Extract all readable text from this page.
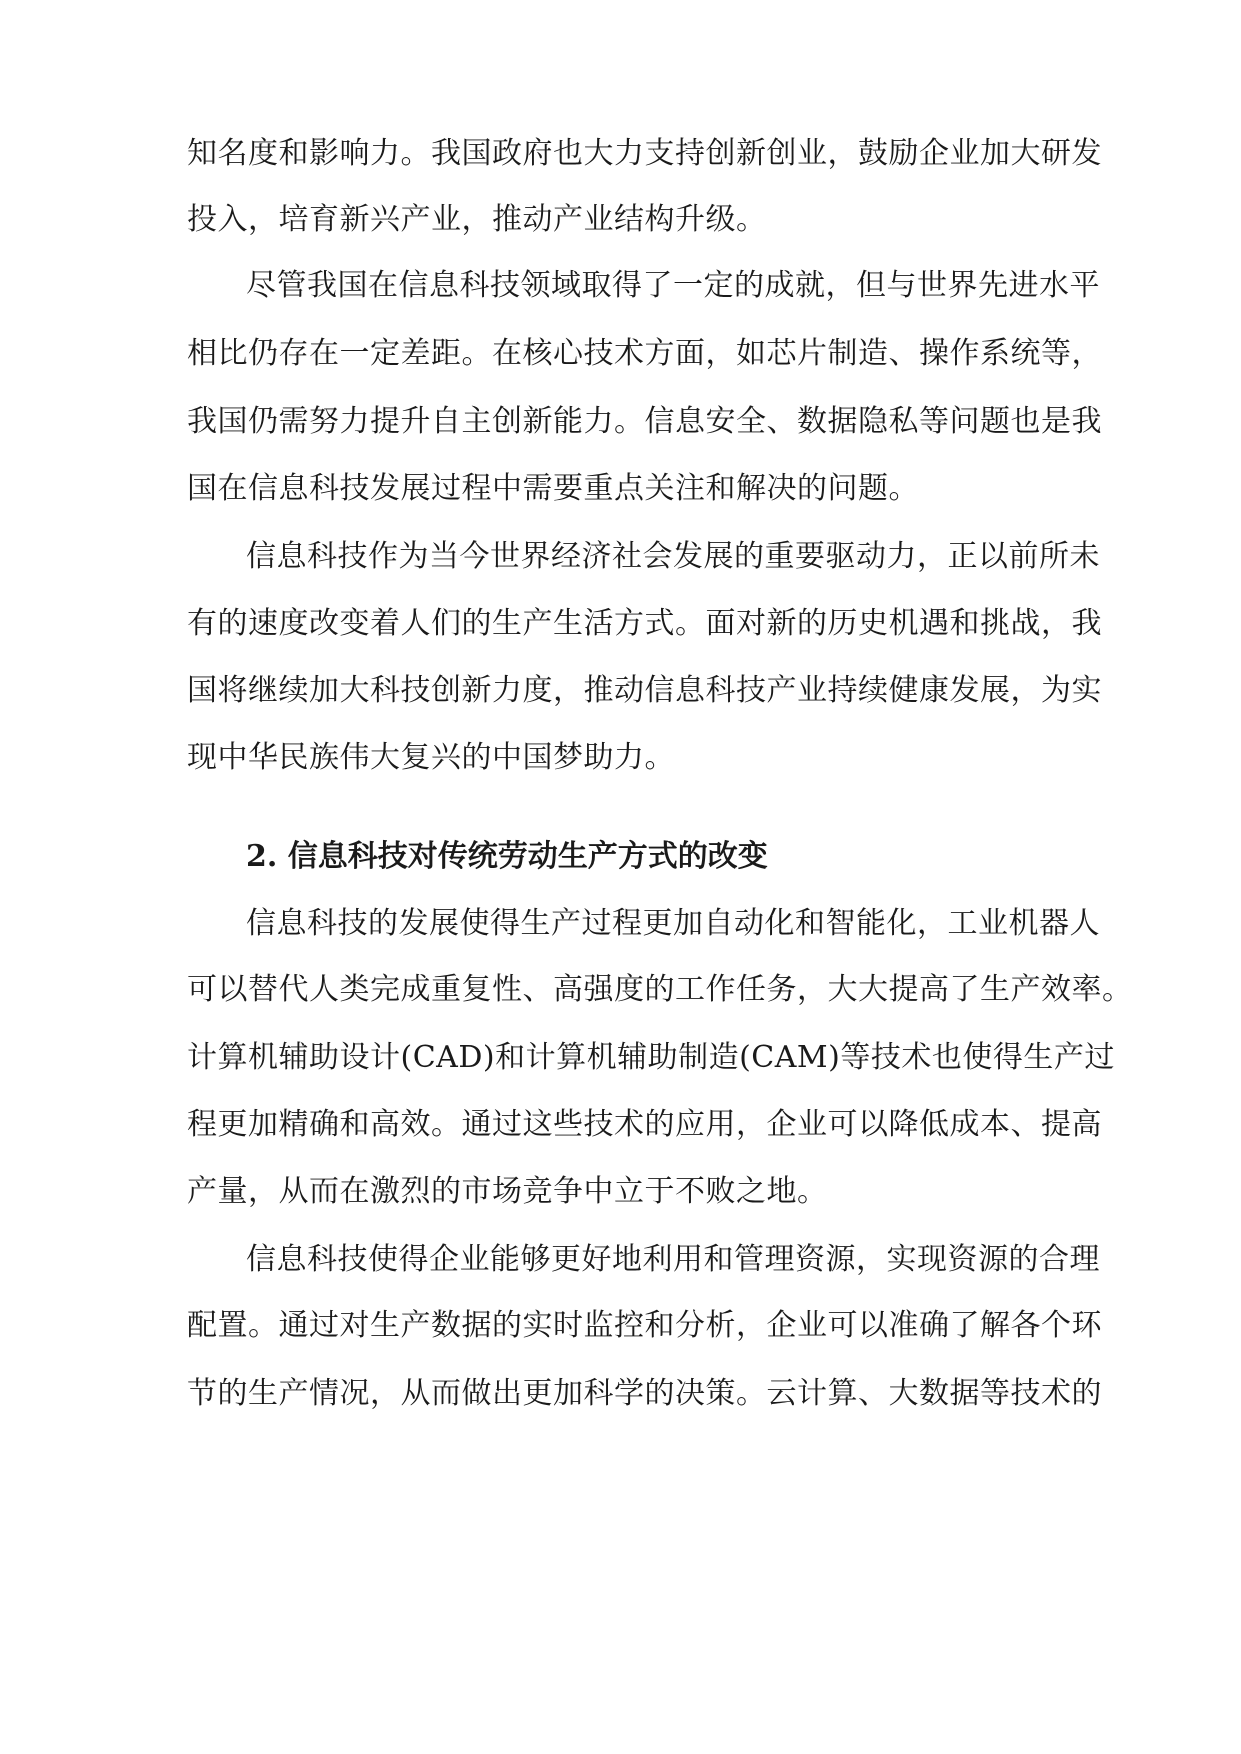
知名度和影响力。我国政府也大力支持创新创业，鼓励企业加大研发
投入，培育新兴产业，推动产业结构升级。
尽管我国在信息科技领域取得了一定的成就，但与世界先进水平
相比仍存在一定差距。在核心技术方面，如芯片制造、操作系统等，
我国仍需努力提升自主创新能力。信息安全、数据隐私等问题也是我
国在信息科技发展过程中需要重点关注和解决的问题。
信息科技作为当今世界经济社会发展的重要驱动力，正以前所未
有的速度改变着人们的生产生活方式。面对新的历史机遇和挑战，我
国将继续加大科技创新力度，推动信息科技产业持续健康发展，为实
现中华民族伟大复兴的中国梦助力。
2. 信息科技对传统劳动生产方式的改变
信息科技的发展使得生产过程更加自动化和智能化，工业机器人
可以替代人类完成重复性、高强度的工作任务，大大提高了生产效率。
计算机辅助设计(CAD)和计算机辅助制造(CAM)等技术也使得生产过
程更加精确和高效。通过这些技术的应用，企业可以降低成本、提高
产量，从而在激烈的市场竞争中立于不败之地。
信息科技使得企业能够更好地利用和管理资源，实现资源的合理
配置。通过对生产数据的实时监控和分析，企业可以准确了解各个环
节的生产情况，从而做出更加科学的决策。云计算、大数据等技术的
